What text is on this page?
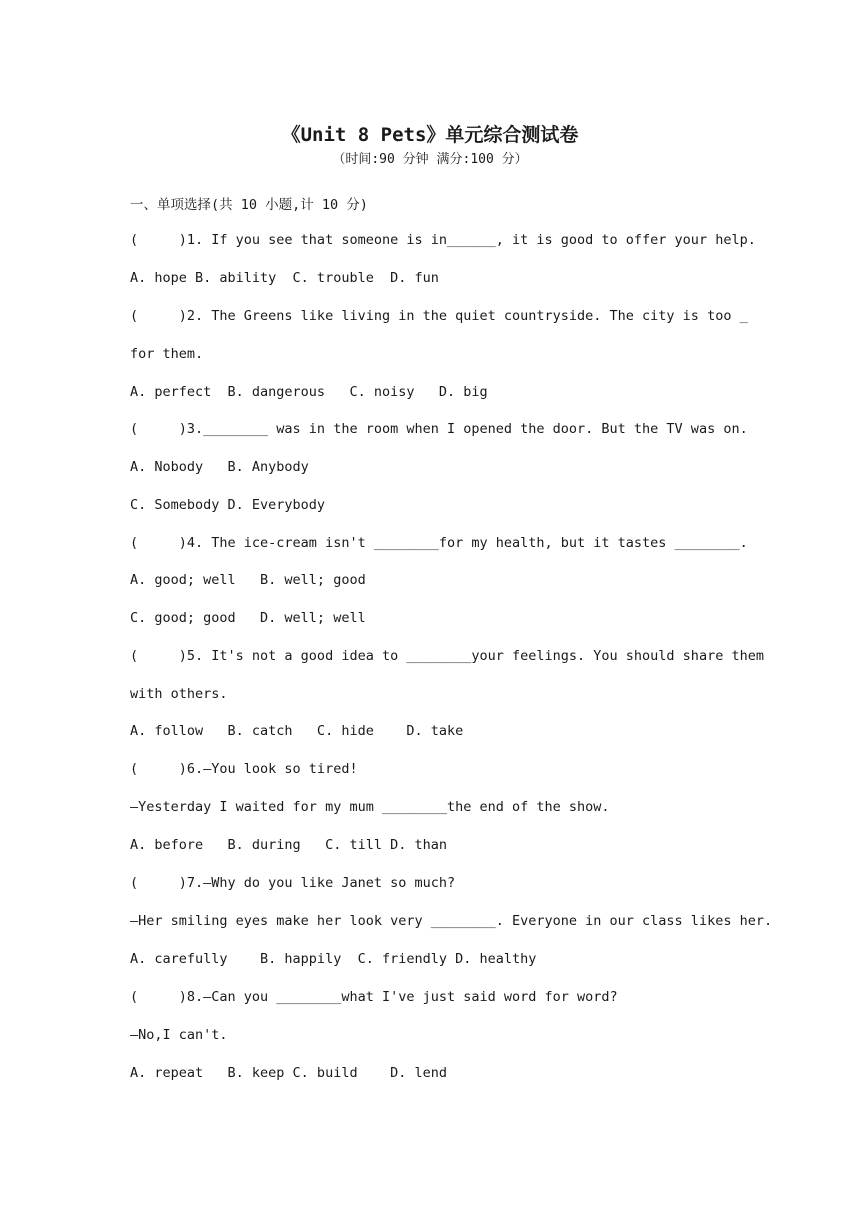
《Unit 8 Pets》单元综合测试卷
（时间:90 分钟 满分:100 分）
一、单项选择(共 10 小题,计 10 分)
(     )1. If you see that someone is in______, it is good to offer your help.
A. hope B. ability  C. trouble  D. fun
(     )2. The Greens like living in the quiet countryside. The city is too _
for them.
A. perfect  B. dangerous   C. noisy   D. big
(     )3.________ was in the room when I opened the door. But the TV was on.
A. Nobody   B. Anybody
C. Somebody D. Everybody
(     )4. The ice-cream isn't ________for my health, but it tastes ________.
A. good; well   B. well; good
C. good; good   D. well; well
(     )5. It's not a good idea to ________your feelings. You should share them
with others.
A. follow   B. catch   C. hide    D. take
(     )6.—You look so tired!
—Yesterday I waited for my mum ________the end of the show.
A. before   B. during   C. till D. than
(     )7.—Why do you like Janet so much?
—Her smiling eyes make her look very ________. Everyone in our class likes her.
A. carefully    B. happily  C. friendly D. healthy
(     )8.—Can you ________what I've just said word for word?
—No,I can't.
A. repeat   B. keep C. build    D. lend
